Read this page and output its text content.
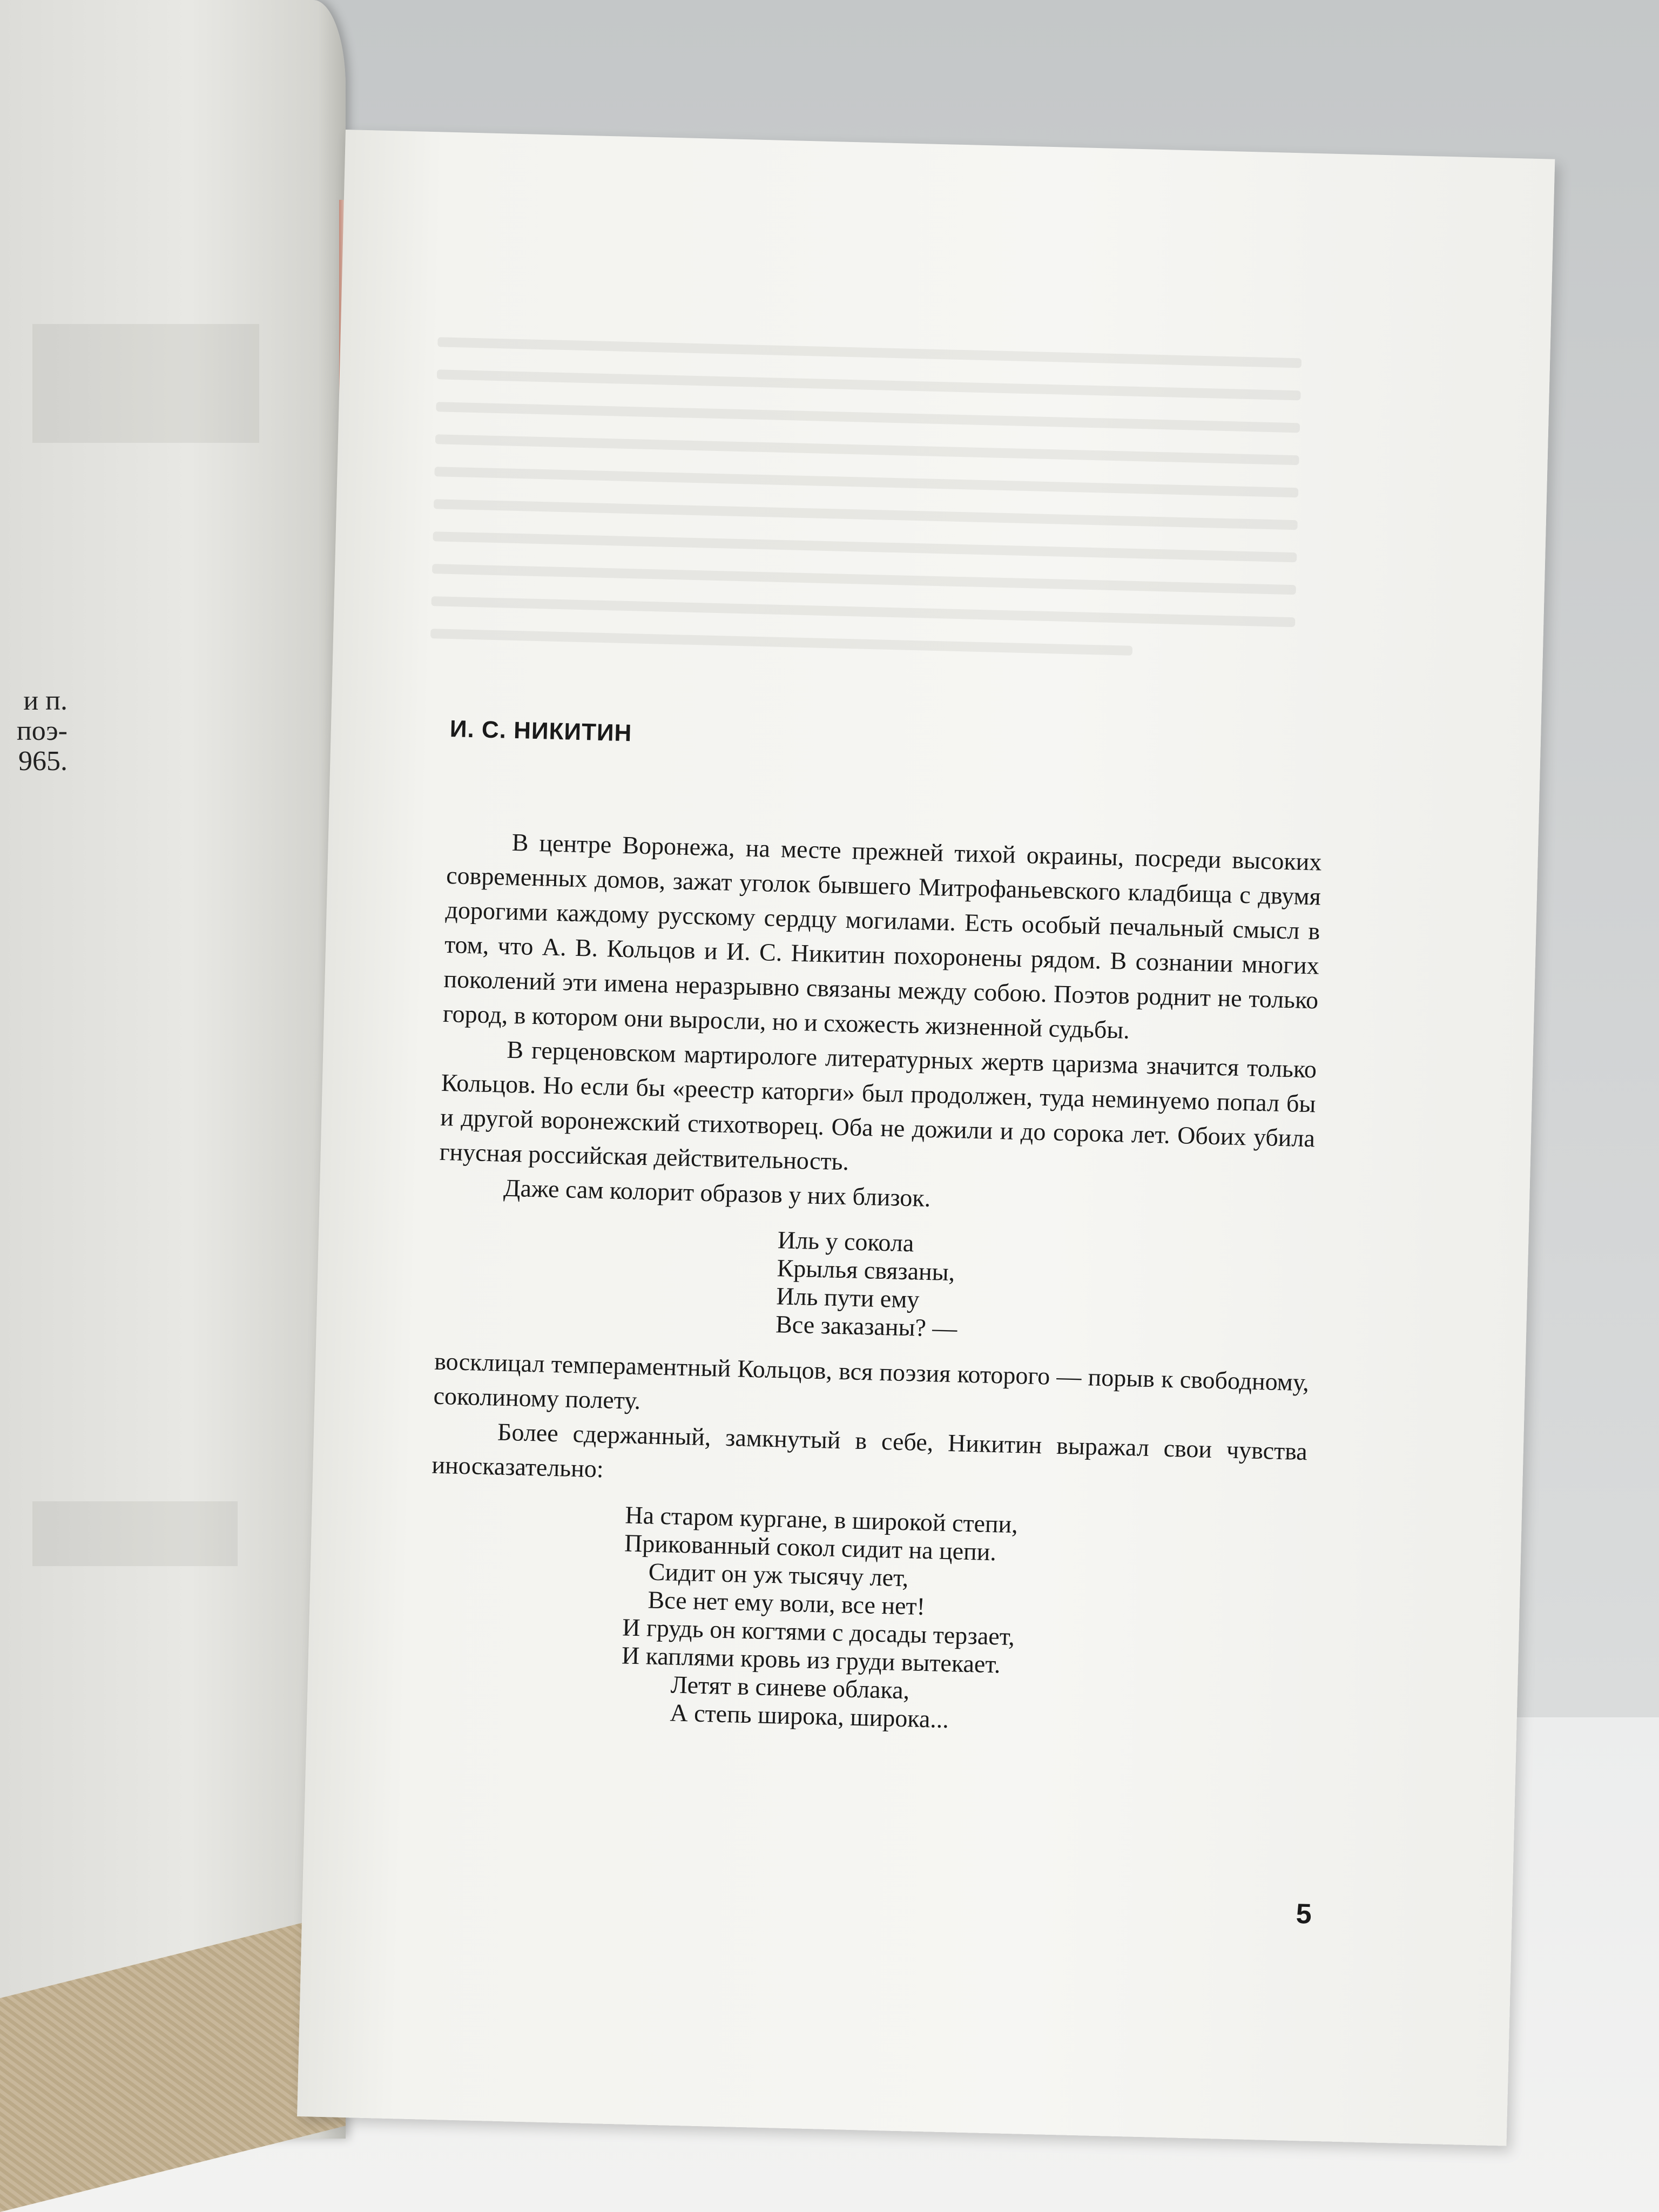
и п.
поэ-
965.
И. С. НИКИТИН

В центре Воронежа, на месте прежней тихой окраины, посреди высоких современных домов, зажат уголок бывшего Митрофаньевского кладбища с двумя дорогими каждому русскому сердцу могилами. Есть особый печальный смысл в том, что А. В. Кольцов и И. С. Никитин похоронены рядом. В сознании многих поколений эти имена неразрывно связаны между собою. Поэтов роднит не только город, в котором они выросли, но и схожесть жизненной судьбы.

В герценовском мартирологе литературных жертв царизма значится только Кольцов. Но если бы «реестр каторги» был продолжен, туда неминуемо попал бы и другой воронежский стихотворец. Оба не дожили и до сорока лет. Обоих убила гнусная российская действительность.

Даже сам колорит образов у них близок.

Иль у сокола
Крылья связаны,
Иль пути ему
Все заказаны? —

восклицал темпераментный Кольцов, вся поэзия которого — порыв к свободному, соколиному полету.

Более сдержанный, замкнутый в себе, Никитин выражал свои чувства иносказательно:

На старом кургане, в широкой степи,
Прикованный сокол сидит на цепи.
Сидит он уж тысячу лет,
Все нет ему воли, все нет!
И грудь он когтями с досады терзает,
И каплями кровь из груди вытекает.
Летят в синеве облака,
А степь широка, широка...
5
